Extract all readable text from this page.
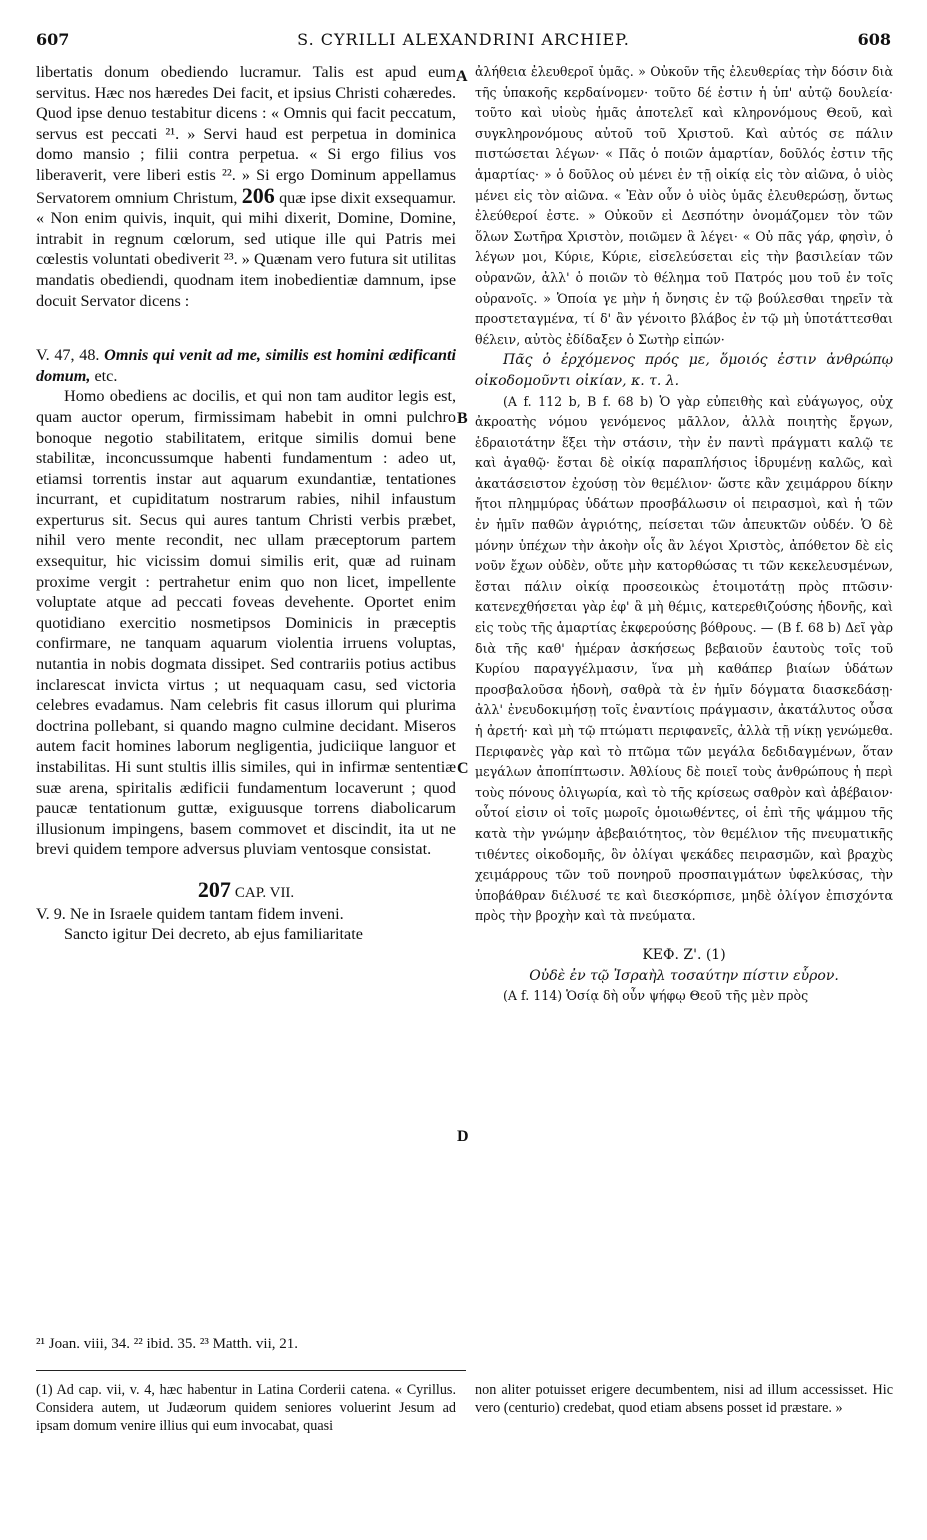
607	S. CYRILLI ALEXANDRINI ARCHIEP.	608
A
B
C
D

libertatis donum obediendo lucramur. Talis est apud eum servitus. Hæc nos hæredes Dei facit, et ipsius Christi cohæredes. Quod ipse denuo testabitur dicens : « Omnis qui facit peccatum, servus est peccati ²¹. » Servi haud est perpetua in dominica domo mansio ; filii contra perpetua. « Si ergo filius vos liberaverit, vere liberi estis ²². » Si ergo Dominum appellamus Servatorem omnium Christum, 206 quæ ipse dixit exsequamur. « Non enim quivis, inquit, qui mihi dixerit, Domine, Domine, intrabit in regnum cœlorum, sed utique ille qui Patris mei cœlestis voluntati obediverit ²³. » Quænam vero futura sit utilitas mandatis obediendi, quodnam item inobedientiæ damnum, ipse docuit Servator dicens :

V. 47, 48. Omnis qui venit ad me, similis est homini ædificanti domum, etc.

Homo obediens ac docilis, et qui non tam auditor legis est, quam auctor operum, firmissimam habebit in omni pulchro bonoque negotio stabilitatem, eritque similis domui bene stabilitæ, inconcussumque habenti fundamentum : adeo ut, etiamsi torrentis instar aut aquarum exundantiæ, tentationes incurrant, et cupiditatum nostrarum rabies, nihil infaustum experturus sit. Secus qui aures tantum Christi verbis præbet, nihil vero mente recondit, nec ullam præceptorum partem exsequitur, hic vicissim domui similis erit, quæ ad ruinam proxime vergit : pertrahetur enim quo non licet, impellente voluptate atque ad peccati foveas devehente. Oportet enim quotidiano exercitio nosmetipsos Dominicis in præceptis confirmare, ne tanquam aquarum violentia irruens voluptas, nutantia in nobis dogmata dissipet. Sed contrariis potius actibus inclarescat invicta virtus ; ut nequaquam casu, sed victoria celebres evadamus. Nam celebris fit casus illorum qui plurima doctrina pollebant, si quando magno culmine decidant. Miseros autem facit homines laborum negligentia, judiciique languor et instabilitas. Hi sunt stultis illis similes, qui in infirmæ sententiæ suæ arena, spiritalis ædificii fundamentum locaverunt ; quod paucæ tentationum guttæ, exiguusque torrens diabolicarum illusionum impingens, basem commovet et discindit, ita ut ne brevi quidem tempore adversus pluviam ventosque consistat.

207 CAP. VII.

V. 9. Ne in Israele quidem tantam fidem inveni.

Sancto igitur Dei decreto, ab ejus familiaritate

ἀλήθεια ἐλευθεροῖ ὑμᾶς. » Οὐκοῦν τῆς ἐλευθερίας τὴν δόσιν διὰ τῆς ὑπακοῆς κερδαίνομεν· τοῦτο δέ ἐστιν ἡ ὑπ' αὐτῷ δουλεία· τοῦτο καὶ υἱοὺς ἡμᾶς ἀποτελεῖ καὶ κληρονόμους Θεοῦ, καὶ συγκληρονόμους αὐτοῦ τοῦ Χριστοῦ. Καὶ αὐτός σε πάλιν πιστώσεται λέγων· « Πᾶς ὁ ποιῶν ἁμαρτίαν, δοῦλός ἐστιν τῆς ἁμαρτίας· » ὁ δοῦλος οὐ μένει ἐν τῇ οἰκίᾳ εἰς τὸν αἰῶνα, ὁ υἱὸς μένει εἰς τὸν αἰῶνα. « Ἐὰν οὖν ὁ υἱὸς ὑμᾶς ἐλευθερώσῃ, ὄντως ἐλεύθεροί ἐστε. » Οὐκοῦν εἰ Δεσπότην ὀνομάζομεν τὸν τῶν ὅλων Σωτῆρα Χριστὸν, ποιῶμεν ἃ λέγει· « Οὐ πᾶς γάρ, φησὶν, ὁ λέγων μοι, Κύριε, Κύριε, εἰσελεύσεται εἰς τὴν βασιλείαν τῶν οὐρανῶν, ἀλλ' ὁ ποιῶν τὸ θέλημα τοῦ Πατρός μου τοῦ ἐν τοῖς οὐρανοῖς. » Ὁποία γε μὴν ἡ ὄνησις ἐν τῷ βούλεσθαι τηρεῖν τὰ προστεταγμένα, τί δ' ἂν γένοιτο βλάβος ἐν τῷ μὴ ὑποτάττεσθαι θέλειν, αὐτὸς ἐδίδαξεν ὁ Σωτὴρ εἰπών·

Πᾶς ὁ ἐρχόμενος πρός με, ὅμοιός ἐστιν ἀνθρώπῳ οἰκοδομοῦντι οἰκίαν, κ. τ. λ.

(A f. 112 b, B f. 68 b) Ὁ γὰρ εὐπειθὴς καὶ εὐάγωγος, οὐχ ἀκροατὴς νόμου γενόμενος μᾶλλον, ἀλλὰ ποιητὴς ἔργων, ἑδραιοτάτην ἕξει τὴν στάσιν, τὴν ἐν παντὶ πράγματι καλῷ τε καὶ ἀγαθῷ· ἔσται δὲ οἰκίᾳ παραπλήσιος ἱδρυμένῃ καλῶς, καὶ ἀκατάσειστον ἐχούσῃ τὸν θεμέλιον· ὥστε κἂν χειμάρρου δίκην ἤτοι πλημμύρας ὑδάτων προσβάλωσιν οἱ πειρασμοὶ, καὶ ἡ τῶν ἐν ἡμῖν παθῶν ἀγριότης, πείσεται τῶν ἀπευκτῶν οὐδέν. Ὁ δὲ μόνην ὑπέχων τὴν ἀκοὴν οἷς ἂν λέγοι Χριστὸς, ἀπόθετον δὲ εἰς νοῦν ἔχων οὐδὲν, οὔτε μὴν κατορθώσας τι τῶν κεκελευσμένων, ἔσται πάλιν οἰκίᾳ προσεοικὼς ἑτοιμοτάτῃ πρὸς πτῶσιν· κατενεχθήσεται γὰρ ἐφ' ἃ μὴ θέμις, κατερεθιζούσης ἡδονῆς, καὶ εἰς τοὺς τῆς ἁμαρτίας ἐκφερούσης βόθρους. — (B f. 68 b) Δεῖ γὰρ διὰ τῆς καθ' ἡμέραν ἀσκήσεως βεβαιοῦν ἑαυτοὺς τοῖς τοῦ Κυρίου παραγγέλμασιν, ἵνα μὴ καθάπερ βιαίων ὑδάτων προσβαλοῦσα ἡδονὴ, σαθρὰ τὰ ἐν ἡμῖν δόγματα διασκεδάσῃ· ἀλλ' ἐνευδοκιμήσῃ τοῖς ἐναντίοις πράγμασιν, ἀκατάλυτος οὖσα ἡ ἀρετή· καὶ μὴ τῷ πτώματι περιφανεῖς, ἀλλὰ τῇ νίκῃ γενώμεθα. Περιφανὲς γὰρ καὶ τὸ πτῶμα τῶν μεγάλα δεδιδαγμένων, ὅταν μεγάλων ἀποπίπτωσιν. Ἀθλίους δὲ ποιεῖ τοὺς ἀνθρώπους ἡ περὶ τοὺς πόνους ὀλιγωρία, καὶ τὸ τῆς κρίσεως σαθρὸν καὶ ἀβέβαιον· οὗτοί εἰσιν οἱ τοῖς μωροῖς ὁμοιωθέντες, οἱ ἐπὶ τῆς ψάμμου τῆς κατὰ τὴν γνώμην ἀβεβαιότητος, τὸν θεμέλιον τῆς πνευματικῆς τιθέντες οἰκοδομῆς, ὃν ὀλίγαι ψεκάδες πειρασμῶν, καὶ βραχὺς χειμάρρους τῶν τοῦ πονηροῦ προσπαιγμάτων ὑφελκύσας, τὴν ὑποβάθραν διέλυσέ τε καὶ διεσκόρπισε, μηδὲ ὀλίγον ἐπισχόντα πρὸς τὴν βροχὴν καὶ τὰ πνεύματα.

ΚΕΦ. Ζ'. (1)

Οὐδὲ ἐν τῷ Ἰσραὴλ τοσαύτην πίστιν εὗρον.

(A f. 114) Ὁσίᾳ δὴ οὖν ψήφῳ Θεοῦ τῆς μὲν πρὸς

²¹ Joan. viii, 34. ²² ibid. 35. ²³ Matth. vii, 21.
(1) Ad cap. vii, v. 4, hæc habentur in Latina Corderii catena. « Cyrillus. Considera autem, ut Judæorum quidem seniores voluerint Jesum ad ipsam domum venire illius qui eum invocabat, quasi
non aliter potuisset erigere decumbentem, nisi ad illum accessisset. Hic vero (centurio) credebat, quod etiam absens posset id præstare. »
